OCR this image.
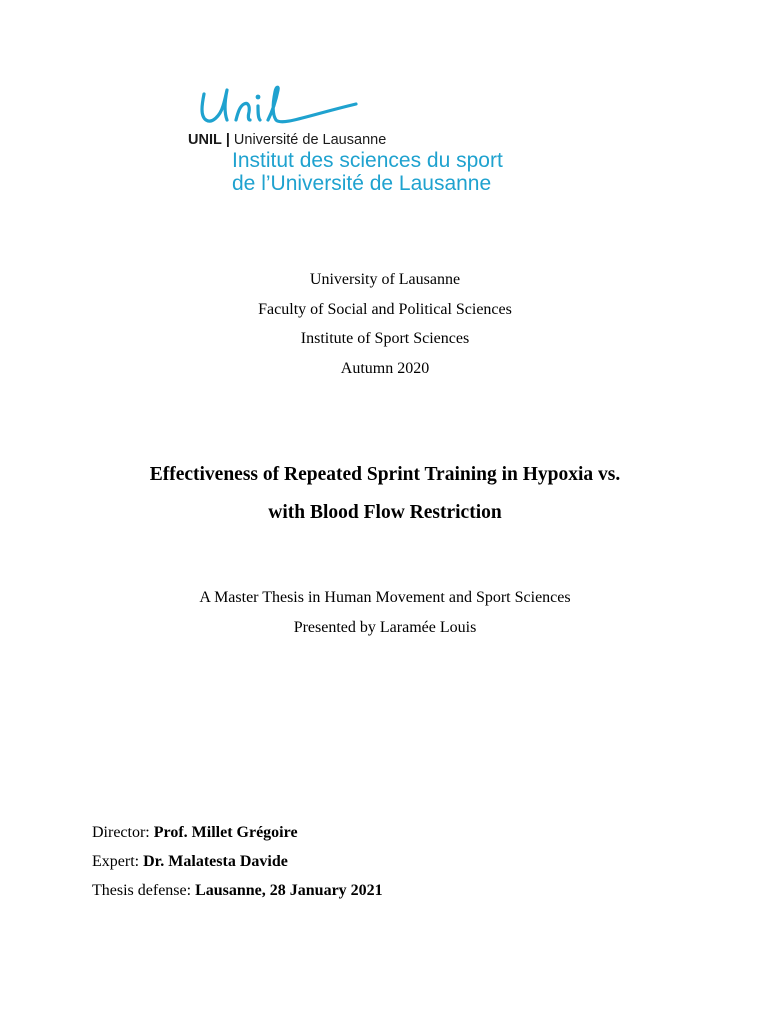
UNIL | Université de Lausanne
Institut des sciences du sport
de l’Université de Lausanne
University of Lausanne
Faculty of Social and Political Sciences
Institute of Sport Sciences
Autumn 2020
Effectiveness of Repeated Sprint Training in Hypoxia vs.
with Blood Flow Restriction
A Master Thesis in Human Movement and Sport Sciences
Presented by Laramée Louis
Director: Prof. Millet Grégoire
Expert: Dr. Malatesta Davide
Thesis defense: Lausanne, 28 January 2021
